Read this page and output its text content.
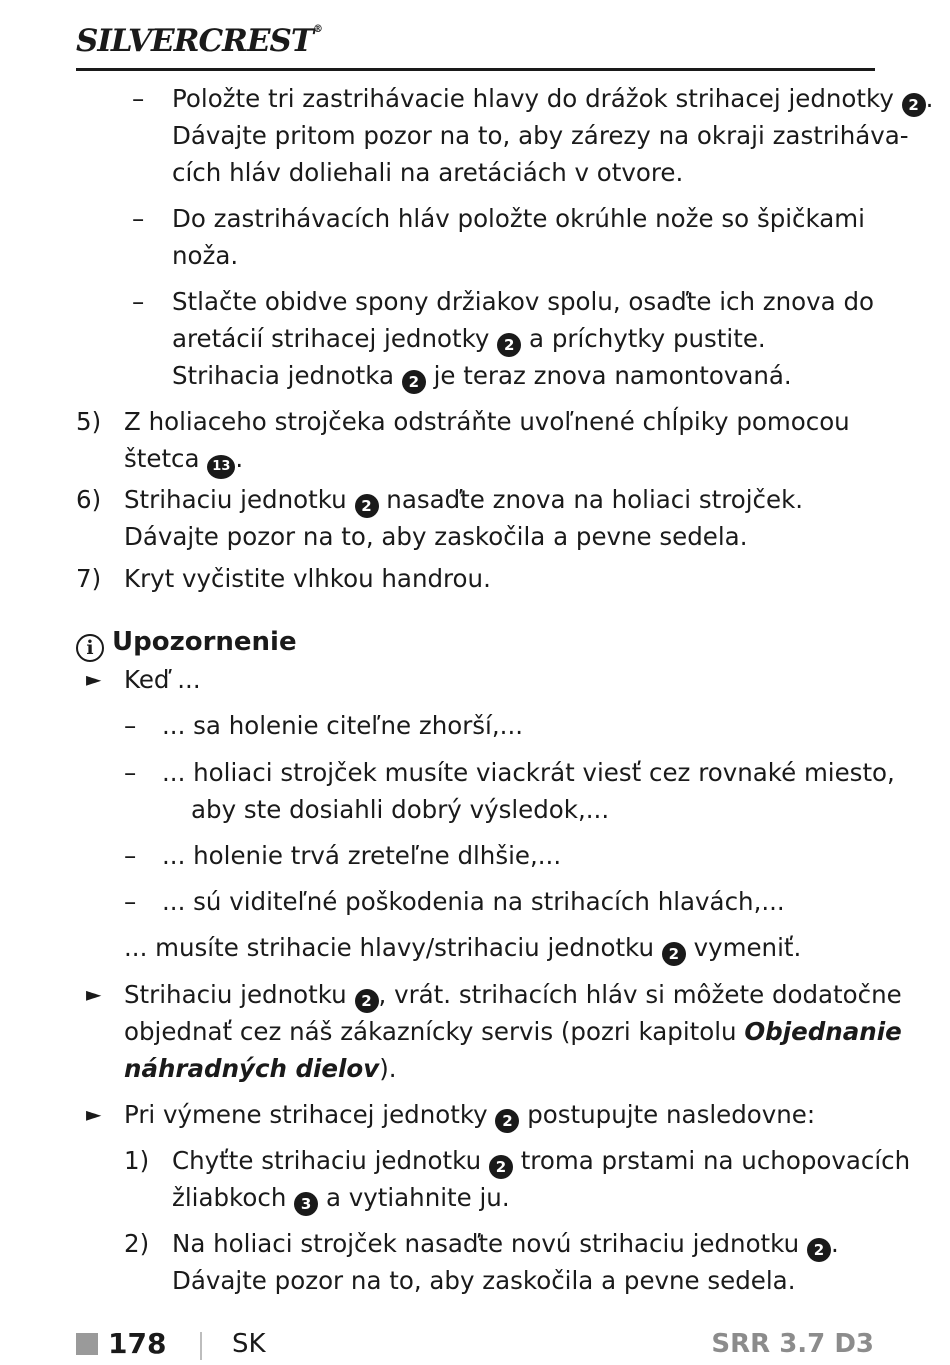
SILVERCREST®
– Položte tri zastrihávacie hlavy do drážok strihacej jednotky 2 .
Dávajte pritom pozor na to, aby zárezy na okraji zastriháva-
cích hláv doliehali na aretáciách v otvore.
– Do zastrihávacích hláv položte okrúhle nože so špičkami
noža.
– Stlačte obidve spony držiakov spolu, osaďte ich znova do
aretácií strihacej jednotky 2 a príchytky pustite.
Strihacia jednotka 2 je teraz znova namontovaná.
5) Z holiaceho strojčeka odstráňte uvoľnené chĺpiky pomocou
štetca 13 .
6) Strihaciu jednotku 2 nasaďte znova na holiaci strojček.
Dávajte pozor na to, aby zaskočila a pevne sedela.
7) Kryt vyčistite vlhkou handrou.
i Upozornenie
► Keď ...
– ... sa holenie citeľne zhorší,...
– ... holiaci strojček musíte viackrát viesť cez rovnaké miesto,
aby ste dosiahli dobrý výsledok,...
– ... holenie trvá zreteľne dlhšie,...
– ... sú viditeľné poškodenia na strihacích hlavách,...
... musíte strihacie hlavy/strihaciu jednotku 2 vymeniť.
► Strihaciu jednotku 2 , vrát. strihacích hláv si môžete dodatočne
objednať cez náš zákaznícky servis (pozri kapitolu Objednanie
náhradných dielov).
► Pri výmene strihacej jednotky 2 postupujte nasledovne:
1) Chyťte strihaciu jednotku 2 troma prstami na uchopovacích
žliabkoch 3 a vytiahnite ju.
2) Na holiaci strojček nasaďte novú strihaciu jednotku 2 .
Dávajte pozor na to, aby zaskočila a pevne sedela.
178	SK	SRR 3.7 D3
